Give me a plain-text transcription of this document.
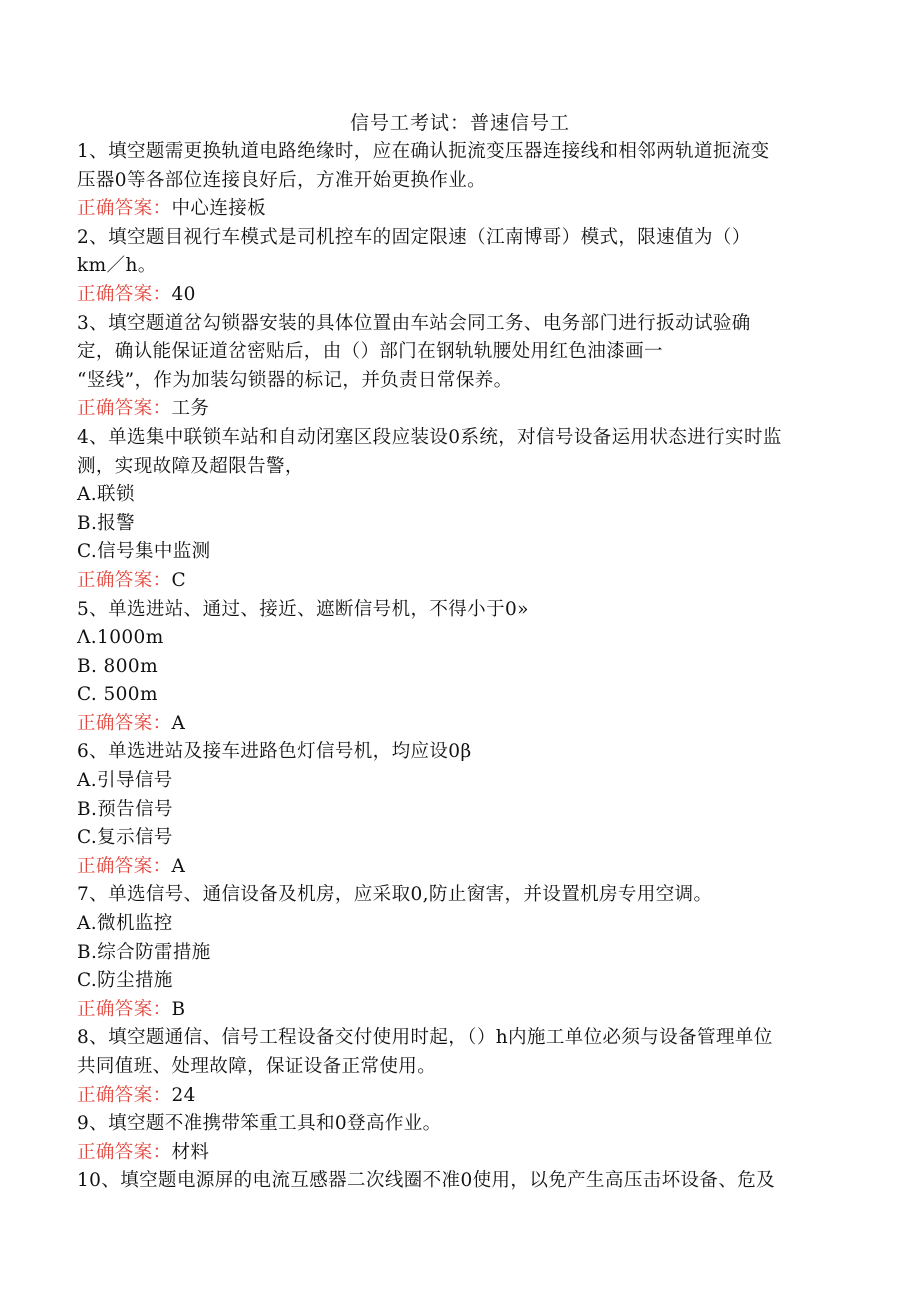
信号工考试：普速信号工
1、填空题需更换轨道电路绝缘时，应在确认扼流变压器连接线和相邻两轨道扼流变
压器0等各部位连接良好后，方准开始更换作业。
正确答案：中心连接板
2、填空题目视行车模式是司机控车的固定限速（江南博哥）模式，限速值为（）
km／h。
正确答案：40
3、填空题道岔勾锁器安装的具体位置由车站会同工务、电务部门进行扳动试验确
定，确认能保证道岔密贴后，由（）部门在钢轨轨腰处用红色油漆画一
“竖线”，作为加装勾锁器的标记，并负责日常保养。
正确答案：工务
4、单选集中联锁车站和自动闭塞区段应装设0系统，对信号设备运用状态进行实时监
测，实现故障及超限告警，
A.联锁
B.报警
C.信号集中监测
正确答案：C
5、单选进站、通过、接近、遮断信号机，不得小于0»
Λ.1000m
B. 800m
C. 500m
正确答案：A
6、单选进站及接车进路色灯信号机，均应设0β
A.引导信号
B.预告信号
C.复示信号
正确答案：A
7、单选信号、通信设备及机房，应采取0,防止窗害，并设置机房专用空调。
A.微机监控
B.综合防雷措施
C.防尘措施
正确答案：B
8、填空题通信、信号工程设备交付使用时起，（）h内施工单位必须与设备管理单位
共同值班、处理故障，保证设备正常使用。
正确答案：24
9、填空题不准携带笨重工具和0登高作业。
正确答案：材料
10、填空题电源屏的电流互感器二次线圈不准0使用，以免产生高压击坏设备、危及
